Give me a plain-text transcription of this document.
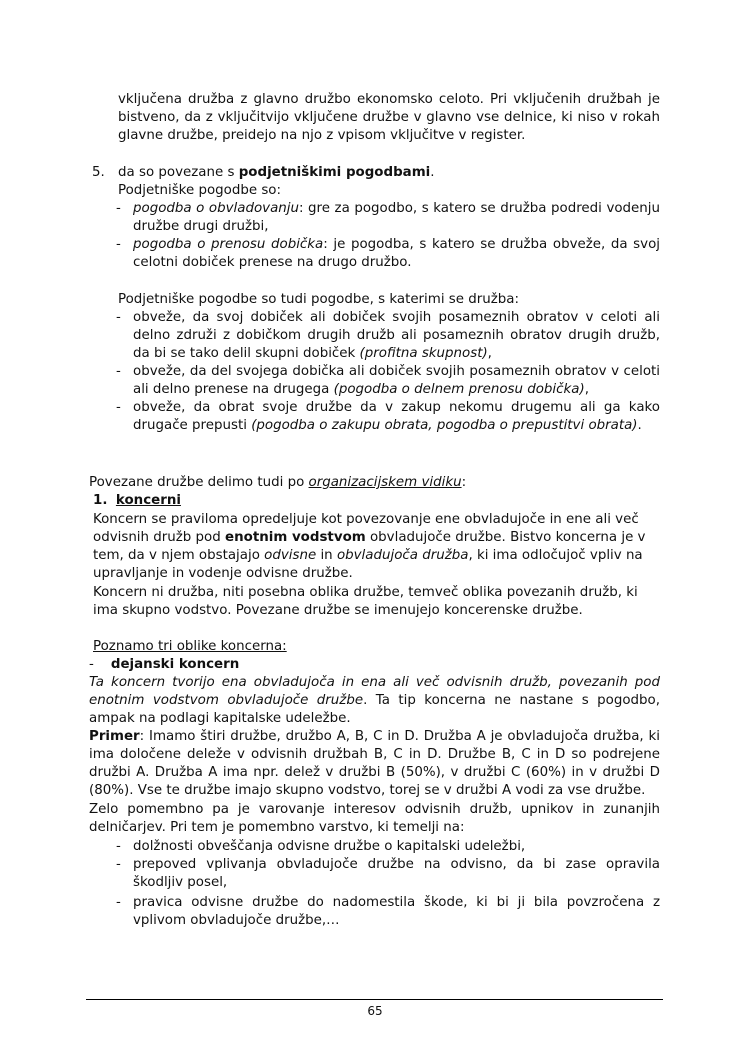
vključena družba z glavno družbo ekonomsko celoto. Pri vključenih družbah je bistveno, da z vključitvijo vključene družbe v glavno vse delnice, ki niso v rokah glavne družbe, preidejo na njo z vpisom vključitve v register.
5. da so povezane s podjetniškimi pogodbami.
Podjetniške pogodbe so:
- pogodba o obvladovanju: gre za pogodbo, s katero se družba podredi vodenju družbe drugi družbi,
- pogodba o prenosu dobička: je pogodba, s katero se družba obveže, da svoj celotni dobiček prenese na drugo družbo.
Podjetniške pogodbe so tudi pogodbe, s katerimi se družba:
- obveže, da svoj dobiček ali dobiček svojih posameznih obratov v celoti ali delno združi z dobičkom drugih družb ali posameznih obratov drugih družb, da bi se tako delil skupni dobiček (profitna skupnost),
- obveže, da del svojega dobička ali dobiček svojih posameznih obratov v celoti ali delno prenese na drugega (pogodba o delnem prenosu dobička),
- obveže, da obrat svoje družbe da v zakup nekomu drugemu ali ga kako drugače prepusti (pogodba o zakupu obrata, pogodba o prepustitvi obrata).
Povezane družbe delimo tudi po organizacijskem vidiku:
1. koncerni
Koncern se praviloma opredeljuje kot povezovanje ene obvladujoče in ene ali več odvisnih družb pod enotnim vodstvom obvladujoče družbe. Bistvo koncerna je v tem, da v njem obstajajo odvisne in obvladujoča družba, ki ima odločujoč vpliv na upravljanje in vodenje odvisne družbe.
Koncern ni družba, niti posebna oblika družbe, temveč oblika povezanih družb, ki ima skupno vodstvo. Povezane družbe se imenujejo koncerenske družbe.
Poznamo tri oblike koncerna:
- dejanski koncern
Ta koncern tvorijo ena obvladujoča in ena ali več odvisnih družb, povezanih pod enotnim vodstvom obvladujoče družbe. Ta tip koncerna ne nastane s pogodbo, ampak na podlagi kapitalske udeležbe.
Primer: Imamo štiri družbe, družbo A, B, C in D. Družba A je obvladujoča družba, ki ima določene deleže v odvisnih družbah B, C in D. Družbe B, C in D so podrejene družbi A. Družba A ima npr. delež v družbi B (50%), v družbi C (60%) in v družbi D (80%). Vse te družbe imajo skupno vodstvo, torej se v družbi A vodi za vse družbe.
Zelo pomembno pa je varovanje interesov odvisnih družb, upnikov in zunanjih delničarjev. Pri tem je pomembno varstvo, ki temelji na:
- dolžnosti obveščanja odvisne družbe o kapitalski udeležbi,
- prepoved vplivanja obvladujoče družbe na odvisno, da bi zase opravila škodljiv posel,
- pravica odvisne družbe do nadomestila škode, ki bi ji bila povzročena z vplivom obvladujoče družbe,…
65
